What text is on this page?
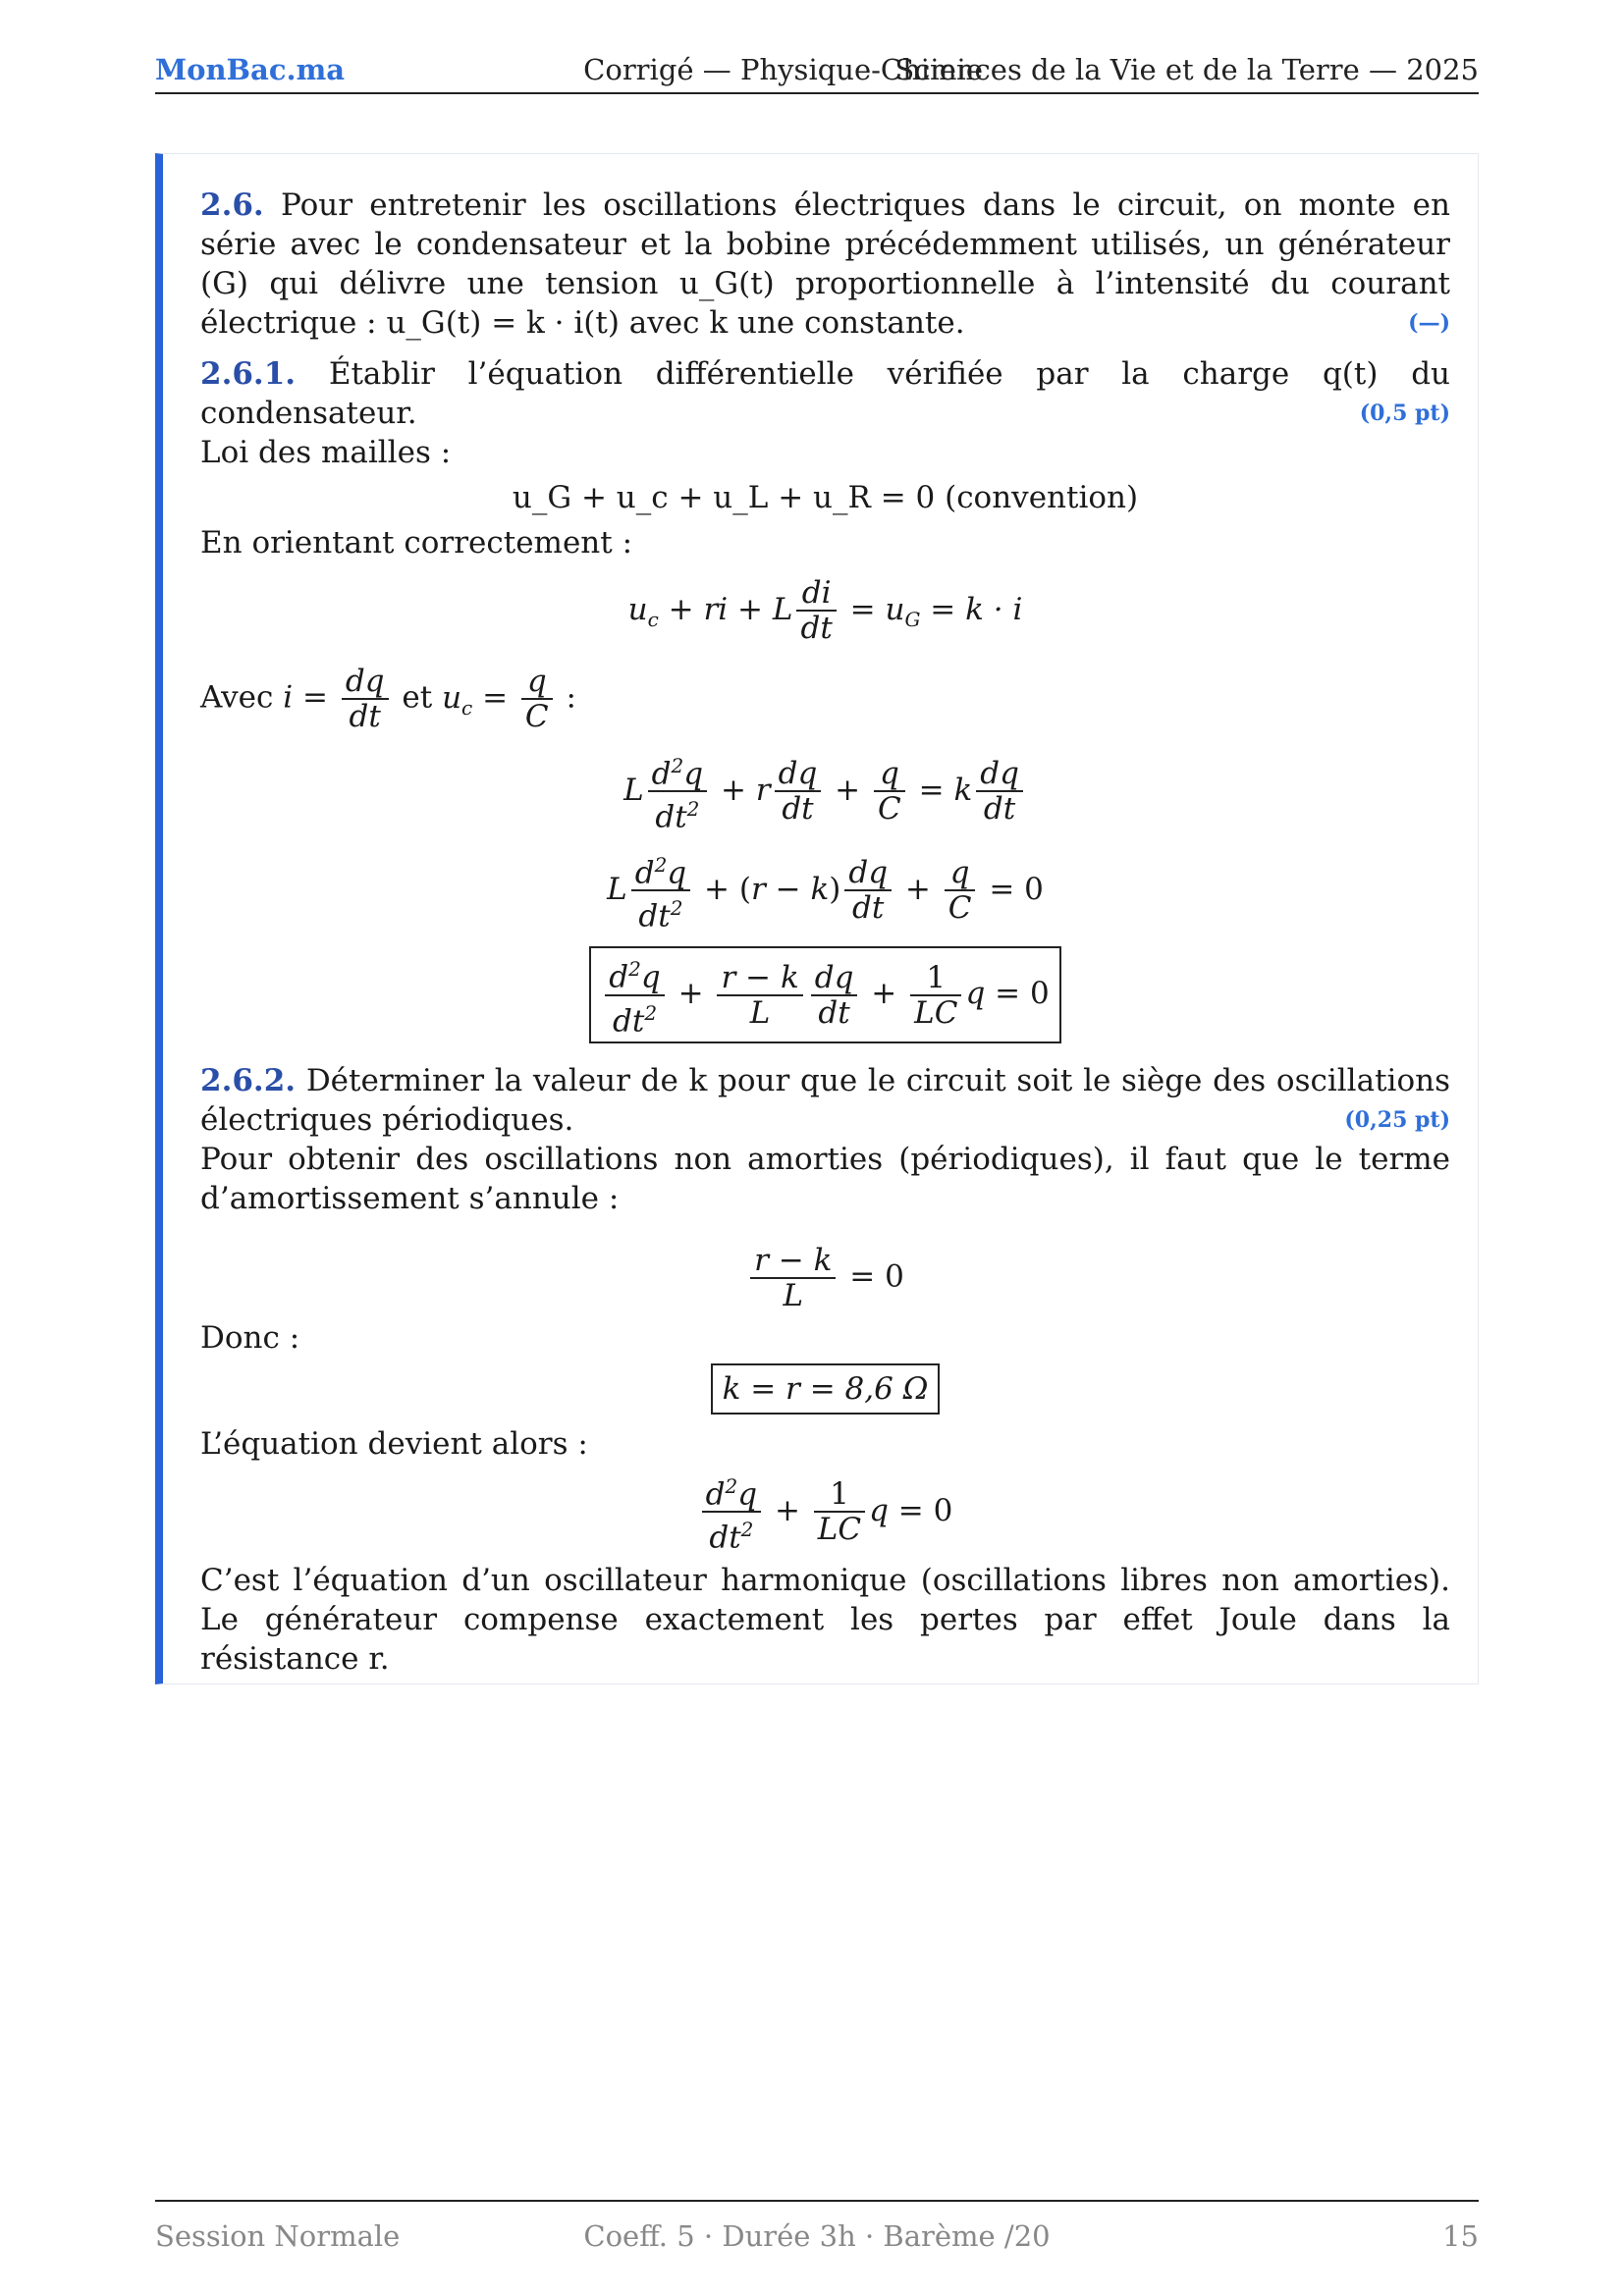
MonBac.ma	Corrigé — Physique-Chimie
Sciences de la Vie et de la Terre — 2025

2.6. Pour entretenir les oscillations électriques dans le circuit, on monte en série avec le condensateur et la bobine précédemment utilisés, un générateur (G) qui délivre une tension u_G(t) proportionnelle à l’intensité du courant électrique : u_G(t) = k · i(t) avec k une constante.	(—)

2.6.1. Établir l’équation différentielle vérifiée par la charge q(t) du condensateur.	(0,5 pt)

Loi des mailles :

u_G + u_c + u_L + u_R = 0 (convention)

En orientant correctement :

$u_c$ + ri + L $\frac{di}{dt} = u_G = k \cdot i$

Avec $i = \frac{dq}{dt}$ et $u_c = \frac{q}{C}$ :

L $\frac{d^2q}{dt^2} + r \frac{dq}{dt} + \frac{q}{C} = k \frac{dq}{dt}$
L $\frac{d^2q}{dt^2} + (r - k) \frac{dq}{dt} + \frac{q}{C} = 0$
$\frac{d^2q}{dt^2} + \frac{r - k}{L} \frac{dq}{dt} + \frac{1}{LC}$ q = 0

2.6.2. Déterminer la valeur de k pour que le circuit soit le siège des oscillations électriques périodiques.	(0,25 pt)

Pour obtenir des oscillations non amorties (périodiques), il faut que le terme d’amortissement s’annule :

$\frac{r - k}{L} = 0$

Donc :

k = r = 8,6 Ω

L’équation devient alors :

$\frac{d^2q}{dt^2} + \frac{1}{LC}$ q = 0

C’est l’équation d’un oscillateur harmonique (oscillations libres non amorties). Le générateur compense exactement les pertes par effet Joule dans la résistance r.

Session Normale	Coeff. 5 · Durée 3h · Barème /20	15
